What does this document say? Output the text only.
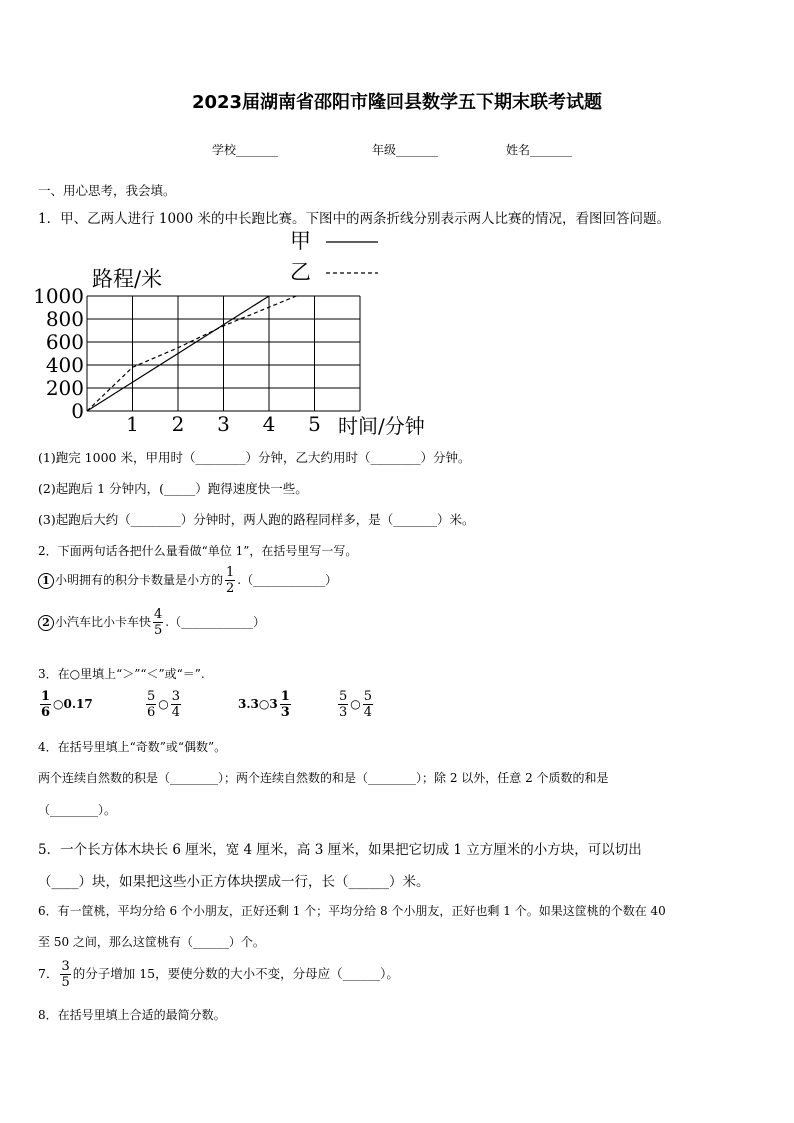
2023届湖南省邵阳市隆回县数学五下期末联考试题
学校_______	年级_______	姓名_______
一、用心思考，我会填。
1．甲、乙两人进行 1000 米的中长跑比赛。下图中的两条折线分别表示两人比赛的情况，看图回答问题。
0
200
400
600
800
1000
1 2 3 4 5
甲
乙
路程/米
时间/分钟
(1)跑完 1000 米，甲用时（________）分钟，乙大约用时（________）分钟。
(2)起跑后 1 分钟内，(_____）跑得速度快一些。
(3)起跑后大约（________）分钟时，两人跑的路程同样多，是（_______）米。
2．下面两句话各把什么量看做“单位 1”，在括号里写一写。
1 小明拥有的积分卡数量是小方的 $\frac{1}{2}$ .（____________）
2 小汽车比小卡车快 $\frac{4}{5}$ .（____________）
3．在○里填上“＞”“＜”或“＝”.
$\frac{1}{6}$ ○0.17	$\frac{5}{6}$ ○ $\frac{3}{4}$	3.3○3 $\frac{1}{3}$	$\frac{5}{3}$ ○ $\frac{5}{4}$
4．在括号里填上“奇数”或“偶数”。
两个连续自然数的积是（________）；两个连续自然数的和是（________）；除 2 以外，任意 2 个质数的和是
（________）。
5．一个长方体木块长 6 厘米，宽 4 厘米，高 3 厘米，如果把它切成 1 立方厘米的小方块，可以切出
（____）块，如果把这些小正方体块摆成一行，长（______）米。
6．有一筐桃，平均分给 6 个小朋友，正好还剩 1 个；平均分给 8 个小朋友，正好也剩 1 个。如果这筐桃的个数在 40
至 50 之间，那么这筐桃有（______）个。
7． $\frac{3}{5}$ 的分子增加 15，要使分数的大小不变，分母应（______）。
8．在括号里填上合适的最简分数。
